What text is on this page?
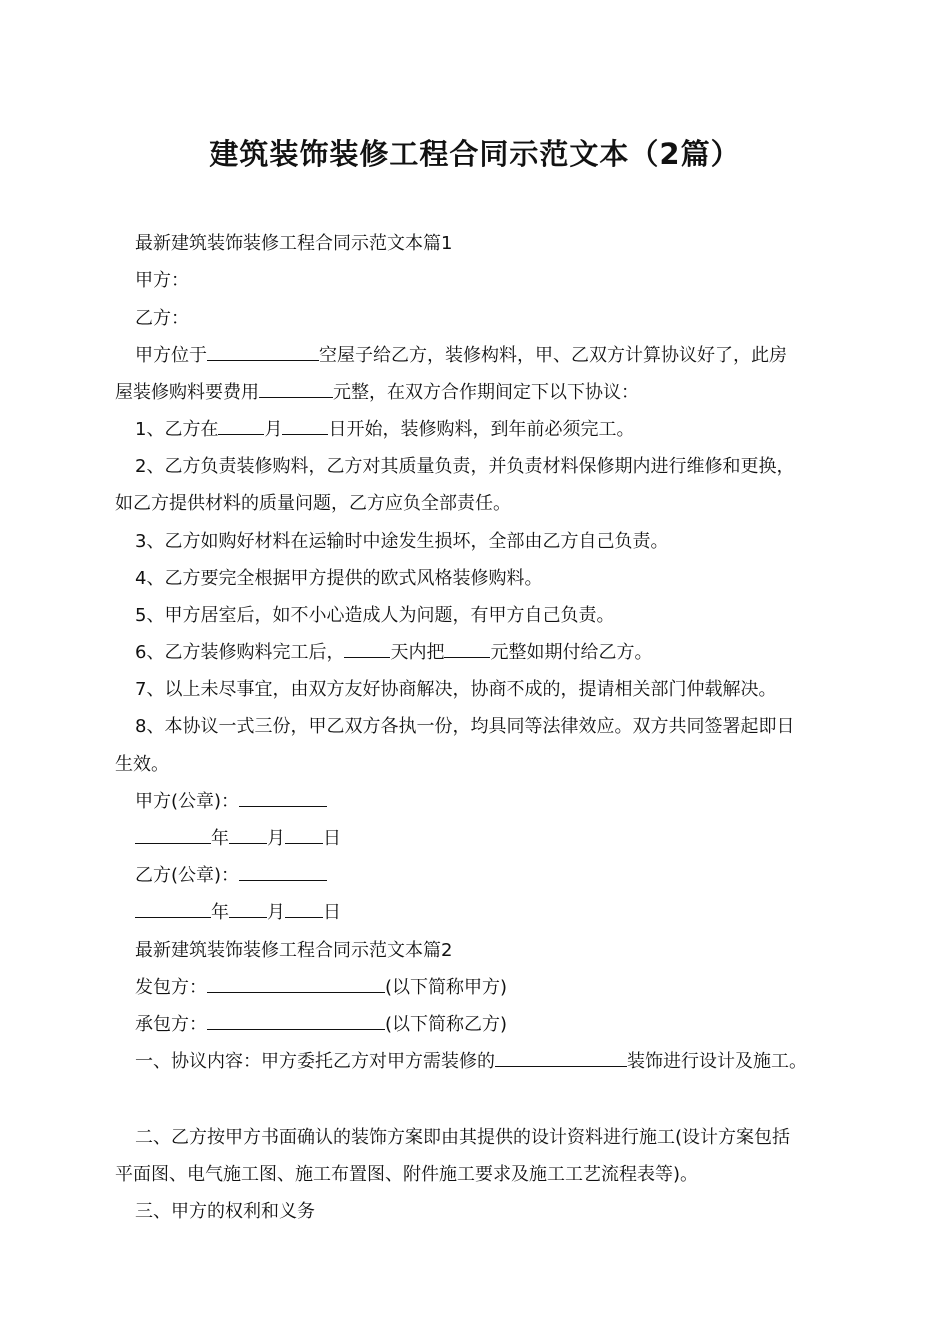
建筑装饰装修工程合同示范文本（2篇）
最新建筑装饰装修工程合同示范文本篇1
甲方：
乙方：
甲方位于	空屋子给乙方，装修构料，甲、乙双方计算协议好了，此房
屋装修购料要费用	元整，在双方合作期间定下以下协议：
1、乙方在	月	日开始，装修购料，到年前必须完工。
2、乙方负责装修购料，乙方对其质量负责，并负责材料保修期内进行维修和更换，
如乙方提供材料的质量问题，乙方应负全部责任。
3、乙方如购好材料在运输时中途发生损坏，全部由乙方自己负责。
4、乙方要完全根据甲方提供的欧式风格装修购料。
5、甲方居室后，如不小心造成人为问题，有甲方自己负责。
6、乙方装修购料完工后，	天内把	元整如期付给乙方。
7、以上未尽事宜，由双方友好协商解决，协商不成的，提请相关部门仲载解决。
8、本协议一式三份，甲乙双方各执一份，均具同等法律效应。双方共同签署起即日
生效。
甲方(公章)：
年 月 日
乙方(公章)：
年 月 日
最新建筑装饰装修工程合同示范文本篇2
发包方：	(以下简称甲方)
承包方：	(以下简称乙方)
一、协议内容：甲方委托乙方对甲方需装修的	装饰进行设计及施工。
二、乙方按甲方书面确认的装饰方案即由其提供的设计资料进行施工(设计方案包括
平面图、电气施工图、施工布置图、附件施工要求及施工工艺流程表等)。
三、甲方的权利和义务
